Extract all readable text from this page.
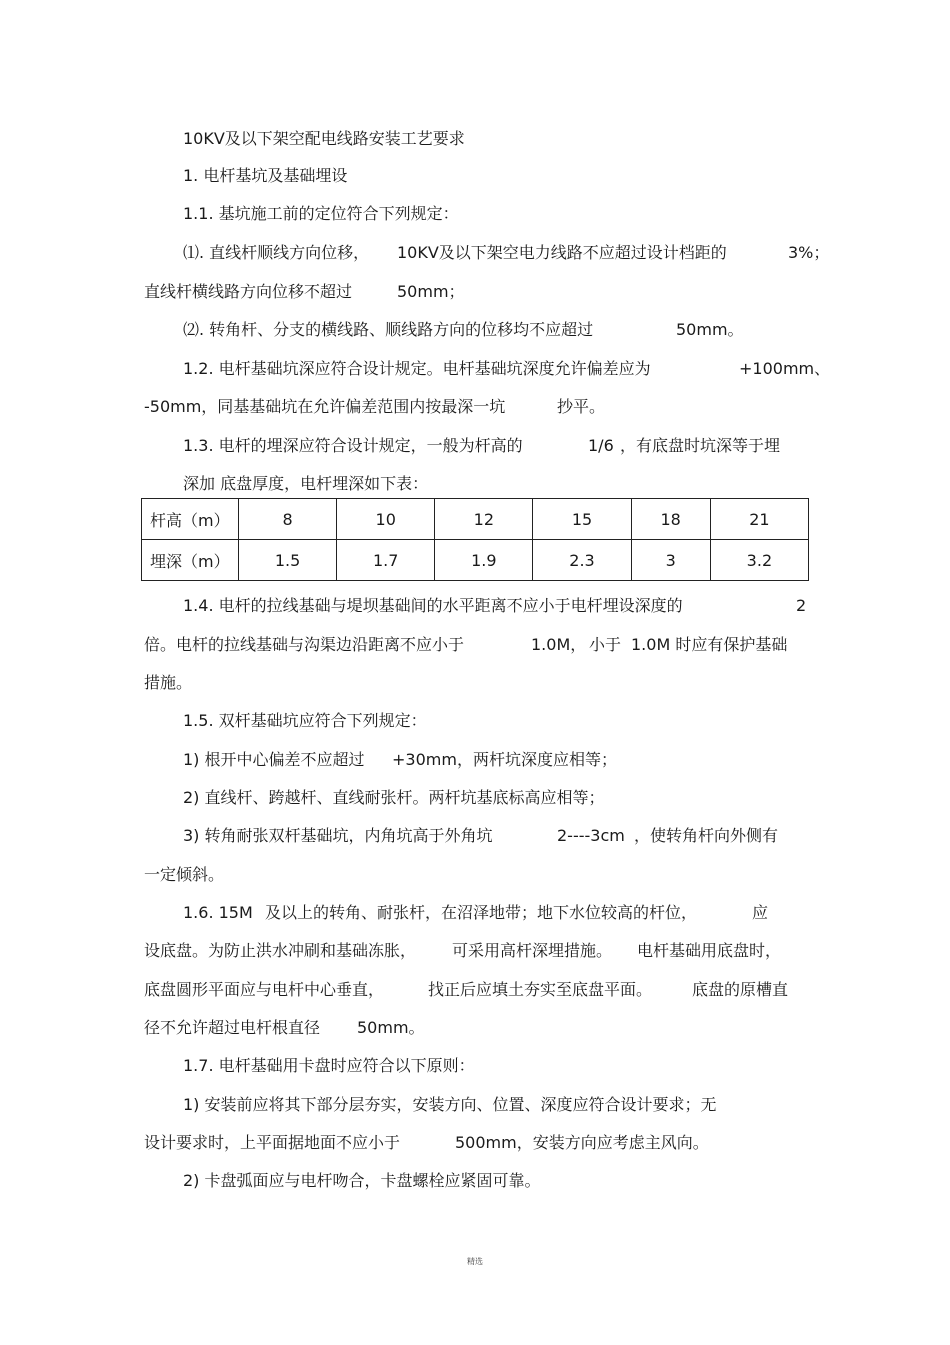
10KV及以下架空配电线路安装工艺要求
1. 电杆基坑及基础埋设
1.1. 基坑施工前的定位符合下列规定：
⑴. 直线杆顺线方向位移， 10KV及以下架空电力线路不应超过设计档距的	3%；
直线杆横线路方向位移不超过	50mm；
⑵. 转角杆、分支的横线路、顺线路方向的位移均不应超过	50mm。
1.2. 电杆基础坑深应符合设计规定。电杆基础坑深度允许偏差应为	+100mm、
-50mm，同基基础坑在允许偏差范围内按最深一坑	抄平。
1.3. 电杆的埋深应符合设计规定，一般为杆高的	1/6 ，有底盘时坑深等于埋
深加 底盘厚度，电杆埋深如下表：
杆高（m）	8	10	12	15	18	21
埋深（m）	1.5	1.7	1.9	2.3	3	3.2
1.4. 电杆的拉线基础与堤坝基础间的水平距离不应小于电杆埋设深度的	2
倍。电杆的拉线基础与沟渠边沿距离不应小于	1.0M， 小于 1.0M 时应有保护基础
措施。
1.5. 双杆基础坑应符合下列规定：
1) 根开中心偏差不应超过 +30mm，两杆坑深度应相等；
2) 直线杆、跨越杆、直线耐张杆。两杆坑基底标高应相等；
3) 转角耐张双杆基础坑，内角坑高于外角坑	2----3cm ，使转角杆向外侧有
一定倾斜。
1.6. 15M 及以上的转角、耐张杆，在沼泽地带；地下水位较高的杆位，	应
设底盘。为防止洪水冲刷和基础冻胀， 可采用高杆深埋措施。 电杆基础用底盘时，
底盘圆形平面应与电杆中心垂直，	找正后应填土夯实至底盘平面。 底盘的原槽直
径不允许超过电杆根直径 50mm。
1.7. 电杆基础用卡盘时应符合以下原则：
1) 安装前应将其下部分层夯实，安装方向、位置、深度应符合设计要求；无
设计要求时，上平面据地面不应小于	500mm，安装方向应考虑主风向。
2) 卡盘弧面应与电杆吻合，卡盘螺栓应紧固可靠。
精选
